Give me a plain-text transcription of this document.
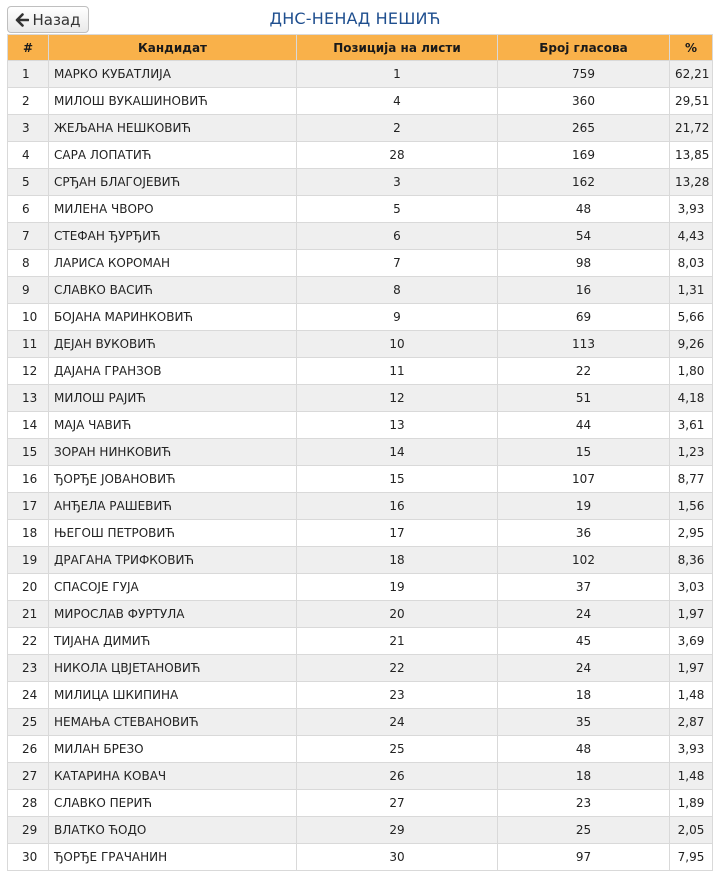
Назад	ДНС-НЕНАД НЕШИЋ
#	Кандидат	Позиција на листи	Број гласова	%
1	МАРКО КУБАТЛИЈА	1	759	62,21
2	МИЛОШ ВУКАШИНОВИЋ	4	360	29,51
3	ЖЕЉАНА НЕШКОВИЋ	2	265	21,72
4	САРА ЛОПАТИЋ	28	169	13,85
5	СРЂАН БЛАГОЈЕВИЋ	3	162	13,28
6	МИЛЕНА ЧВОРО	5	48	3,93
7	СТЕФАН ЂУРЂИЋ	6	54	4,43
8	ЛАРИСА КОРОМАН	7	98	8,03
9	СЛАВКО ВАСИЋ	8	16	1,31
10	БОЈАНА МАРИНКОВИЋ	9	69	5,66
11	ДЕЈАН ВУКОВИЋ	10	113	9,26
12	ДАЈАНА ГРАНЗОВ	11	22	1,80
13	МИЛОШ РАЈИЋ	12	51	4,18
14	МАЈА ЧАВИЋ	13	44	3,61
15	ЗОРАН НИНКОВИЋ	14	15	1,23
16	ЂОРЂЕ ЈОВАНОВИЋ	15	107	8,77
17	АНЂЕЛА РАШЕВИЋ	16	19	1,56
18	ЊЕГОШ ПЕТРОВИЋ	17	36	2,95
19	ДРАГАНА ТРИФКОВИЋ	18	102	8,36
20	СПАСОЈЕ ГУЈА	19	37	3,03
21	МИРОСЛАВ ФУРТУЛА	20	24	1,97
22	ТИЈАНА ДИМИЋ	21	45	3,69
23	НИКОЛА ЦВЈЕТАНОВИЋ	22	24	1,97
24	МИЛИЦА ШКИПИНА	23	18	1,48
25	НЕМАЊА СТЕВАНОВИЋ	24	35	2,87
26	МИЛАН БРЕЗО	25	48	3,93
27	КАТАРИНА КОВАЧ	26	18	1,48
28	СЛАВКО ПЕРИЋ	27	23	1,89
29	ВЛАТКО ЋОДО	29	25	2,05
30	ЂОРЂЕ ГРАЧАНИН	30	97	7,95
